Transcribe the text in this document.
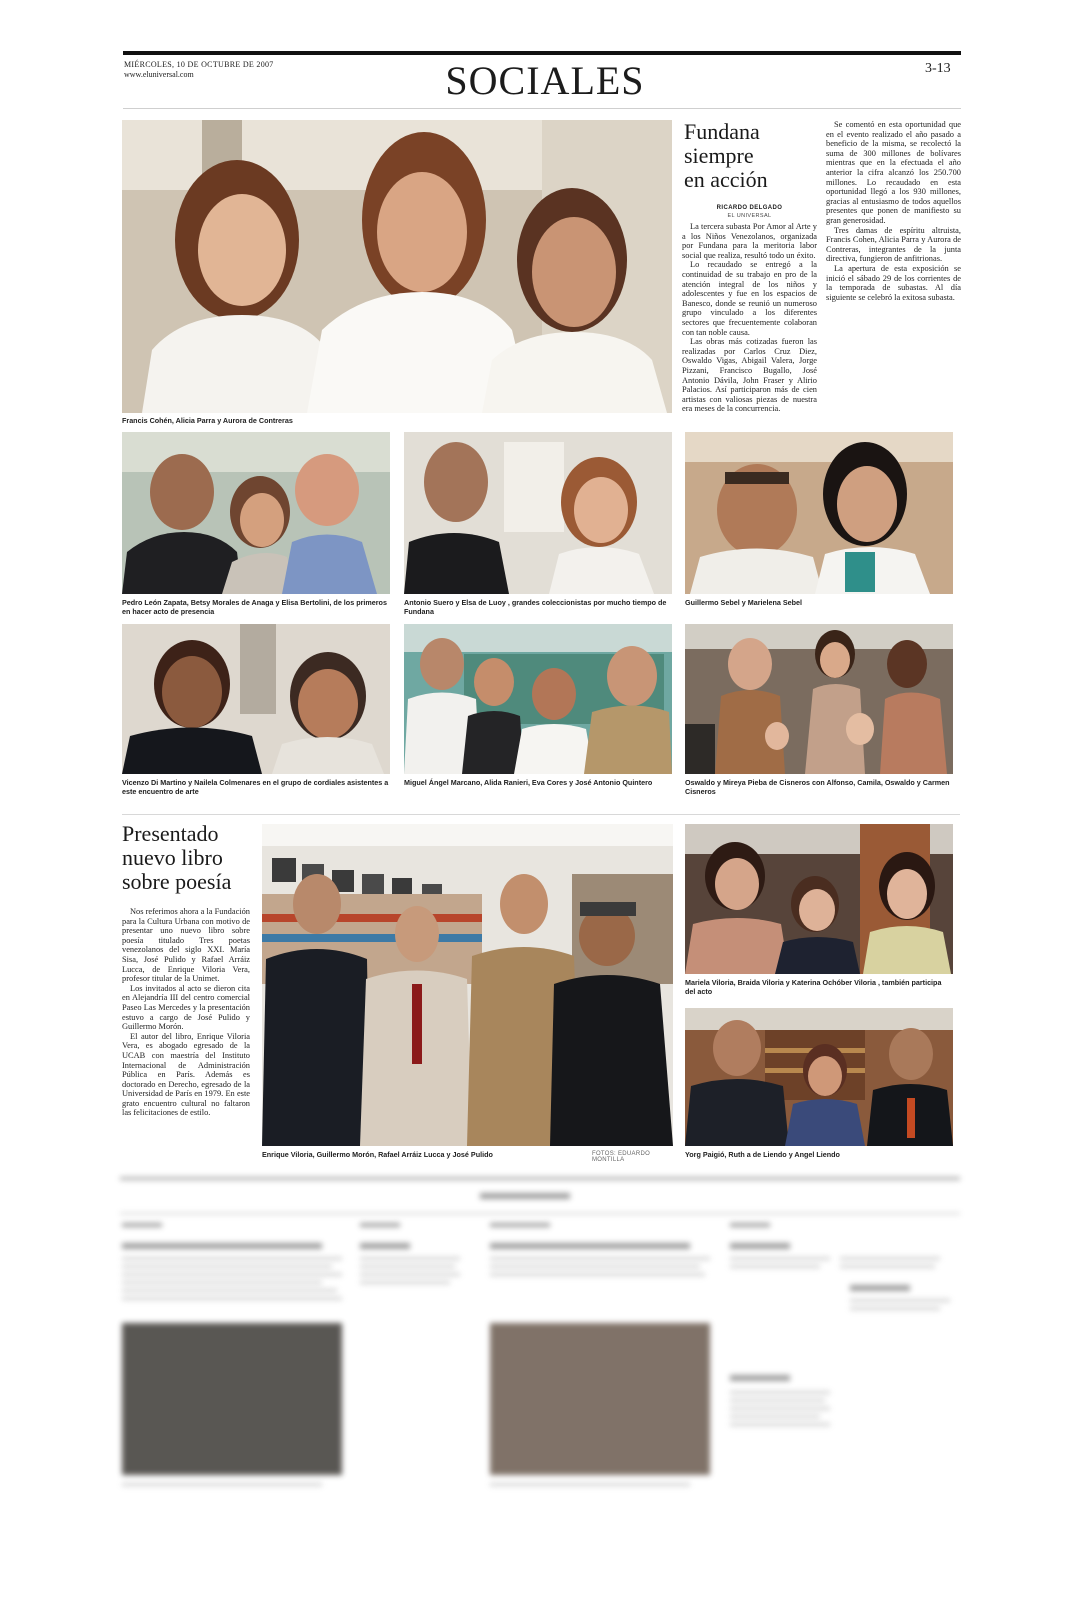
MIÉRCOLES, 10 DE OCTUBRE DE 2007
www.eluniversal.com	SOCIALES	3-13
Francis Cohén, Alicia Parra y Aurora de Contreras
Fundana
siempre
en acción
RICARDO DELGADO
EL UNIVERSAL

La tercera subasta Por Amor al Arte y a los Niños Venezolanos, organizada por Fundana para la meritoria labor social que realiza, resultó todo un éxito.

Lo recaudado se entregó a la continuidad de su trabajo en pro de la atención integral de los niños y adolescentes y fue en los espacios de Banesco, donde se reunió un numeroso grupo vinculado a los diferentes sectores que frecuentemente colaboran con tan noble causa.

Las obras más cotizadas fueron las realizadas por Carlos Cruz Diez, Oswaldo Vigas, Abigail Valera, Jorge Pizzani, Francisco Bugallo, José Antonio Dávila, John Fraser y Alirio Palacios. Así participaron más de cien artistas con valiosas piezas de nuestra era meses de la concurrencia.

Se comentó en esta oportunidad que en el evento realizado el año pasado a beneficio de la misma, se recolectó la suma de 300 millones de bolívares mientras que en la efectuada el año anterior la cifra alcanzó los 250.700 millones. Lo recaudado en esta oportunidad llegó a los 930 millones, gracias al entusiasmo de todos aquellos presentes que ponen de manifiesto su gran generosidad.

Tres damas de espíritu altruista, Francis Cohen, Alicia Parra y Aurora de Contreras, integrantes de la junta directiva, fungieron de anfitrionas.

La apertura de esta exposición se inició el sábado 29 de los corrientes de la temporada de subastas. Al día siguiente se celebró la exitosa subasta.

Pedro León Zapata, Betsy Morales de Anaga y Elisa Bertolini, de los primeros en hacer acto de presencia
Antonio Suero y Elsa de Luoy , grandes coleccionistas por mucho tiempo de Fundana
Guillermo Sebel y Marielena Sebel
Vicenzo Di Martino y Nailela Colmenares en el grupo de cordiales asistentes a este encuentro de arte
Miguel Ángel Marcano, Alida Ranieri, Eva Cores y José Antonio Quintero	Oswaldo y Mireya Pieba de Cisneros con Alfonso, Camila, Oswaldo y Carmen Cisneros
Presentado
nuevo libro
sobre poesía

Nos referimos ahora a la Fundación para la Cultura Urbana con motivo de presentar uno nuevo libro sobre poesía titulado Tres poetas venezolanos del siglo XXI. María Sisa, José Pulido y Rafael Arráiz Lucca, de Enrique Viloria Vera, profesor titular de la Unimet.

Los invitados al acto se dieron cita en Alejandría III del centro comercial Paseo Las Mercedes y la presentación estuvo a cargo de José Pulido y Guillermo Morón.

El autor del libro, Enrique Viloria Vera, es abogado egresado de la UCAB con maestría del Instituto Internacional de Administración Pública en París. Además es doctorado en Derecho, egresado de la Universidad de París en 1979. En este grato encuentro cultural no faltaron las felicitaciones de estilo.

Enrique Viloria, Guillermo Morón, Rafael Arráiz Lucca y José Pulido	FOTOS: EDUARDO MONTILLA
Mariela Viloria, Braida Viloria y Katerina Ochóber Viloria , también participa del acto
Yorg Paigió, Ruth a de Liendo y Angel Liendo
